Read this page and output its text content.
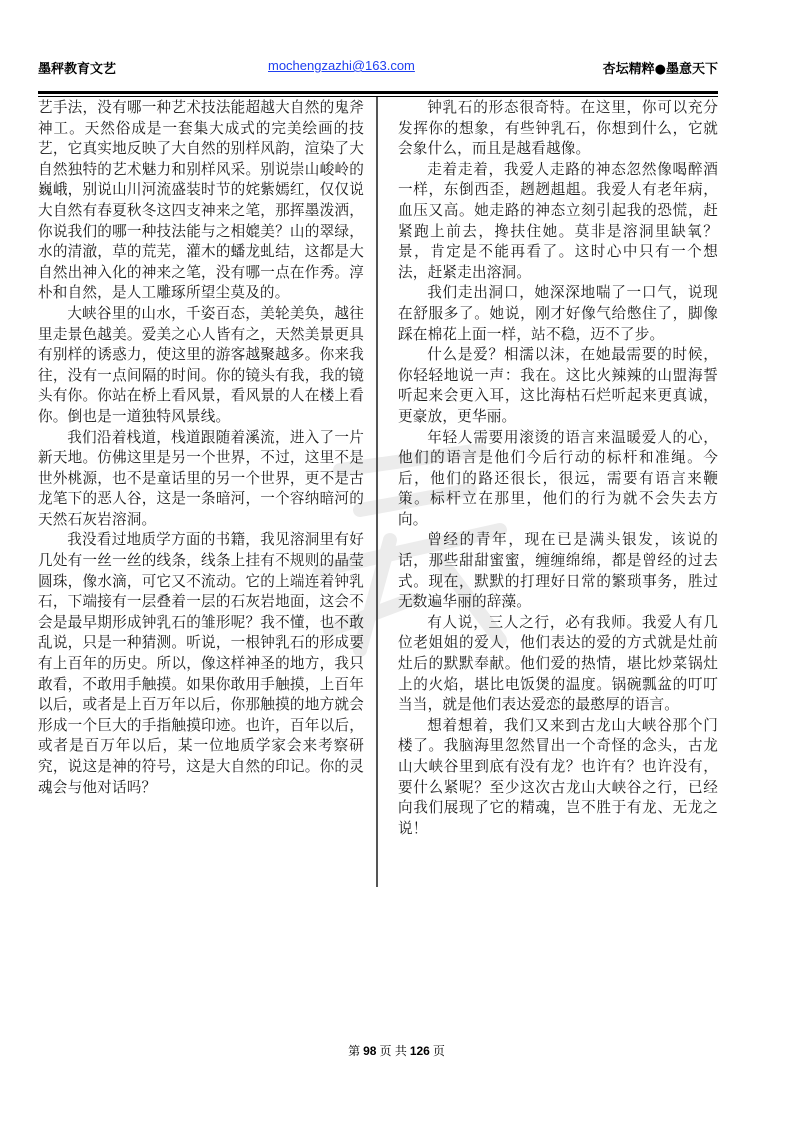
墨秤教育文艺	mochengzazhi@163.com	杏坛精粹●墨意天下

艺手法，没有哪一种艺术技法能超越大自然的鬼斧神工。天然俗成是一套集大成式的完美绘画的技艺，它真实地反映了大自然的别样风韵，渲染了大自然独特的艺术魅力和别样风采。别说崇山峻岭的巍峨，别说山川河流盛装时节的姹紫嫣红，仅仅说大自然有春夏秋冬这四支神来之笔，那挥墨泼洒，你说我们的哪一种技法能与之相媲美？山的翠绿，水的清澈，草的荒芜，灌木的蟠龙虬结，这都是大自然出神入化的神来之笔，没有哪一点在作秀。淳朴和自然，是人工雕琢所望尘莫及的。

大峡谷里的山水，千姿百态，美轮美奂，越往里走景色越美。爱美之心人皆有之，天然美景更具有别样的诱惑力，使这里的游客越聚越多。你来我往，没有一点间隔的时间。你的镜头有我，我的镜头有你。你站在桥上看风景，看风景的人在楼上看你。倒也是一道独特风景线。

我们沿着栈道，栈道跟随着溪流，进入了一片新天地。仿佛这里是另一个世界，不过，这里不是世外桃源，也不是童话里的另一个世界，更不是古龙笔下的恶人谷，这是一条暗河，一个容纳暗河的天然石灰岩溶洞。

我没看过地质学方面的书籍，我见溶洞里有好几处有一丝一丝的线条，线条上挂有不规则的晶莹圆珠，像水滴，可它又不流动。它的上端连着钟乳石，下端接有一层叠着一层的石灰岩地面，这会不会是最早期形成钟乳石的雏形呢？我不懂，也不敢乱说，只是一种猜测。听说，一根钟乳石的形成要有上百年的历史。所以，像这样神圣的地方，我只敢看，不敢用手触摸。如果你敢用手触摸，上百年以后，或者是上百万年以后，你那触摸的地方就会形成一个巨大的手指触摸印迹。也许，百年以后，或者是百万年以后，某一位地质学家会来考察研究，说这是神的符号，这是大自然的印记。你的灵魂会与他对话吗？

钟乳石的形态很奇特。在这里，你可以充分发挥你的想象，有些钟乳石，你想到什么，它就会象什么，而且是越看越像。

走着走着，我爱人走路的神态忽然像喝醉酒一样，东倒西歪，趔趔趄趄。我爱人有老年病，血压又高。她走路的神态立刻引起我的恐慌，赶紧跑上前去，搀扶住她。莫非是溶洞里缺氧？景，肯定是不能再看了。这时心中只有一个想法，赶紧走出溶洞。

我们走出洞口，她深深地喘了一口气，说现在舒服多了。她说，刚才好像气给憋住了，脚像踩在棉花上面一样，站不稳，迈不了步。

什么是爱？相濡以沫，在她最需要的时候，你轻轻地说一声：我在。这比火辣辣的山盟海誓听起来会更入耳，这比海枯石烂听起来更真诚，更豪放，更华丽。

年轻人需要用滚烫的语言来温暖爱人的心，他们的语言是他们今后行动的标杆和准绳。今后，他们的路还很长，很远，需要有语言来鞭策。标杆立在那里，他们的行为就不会失去方向。

曾经的青年，现在已是满头银发，该说的话，那些甜甜蜜蜜，缠缠绵绵，都是曾经的过去式。现在，默默的打理好日常的繁琐事务，胜过无数遍华丽的辞藻。

有人说，三人之行，必有我师。我爱人有几位老姐姐的爱人，他们表达的爱的方式就是灶前灶后的默默奉献。他们爱的热情，堪比炒菜锅灶上的火焰，堪比电饭煲的温度。锅碗瓢盆的叮叮当当，就是他们表达爱恋的最憨厚的语言。

想着想着，我们又来到古龙山大峡谷那个门楼了。我脑海里忽然冒出一个奇怪的念头，古龙山大峡谷里到底有没有龙？也许有？也许没有，要什么紧呢？至少这次古龙山大峡谷之行，已经向我们展现了它的精魂，岂不胜于有龙、无龙之说！

第 98 页 共 126 页
